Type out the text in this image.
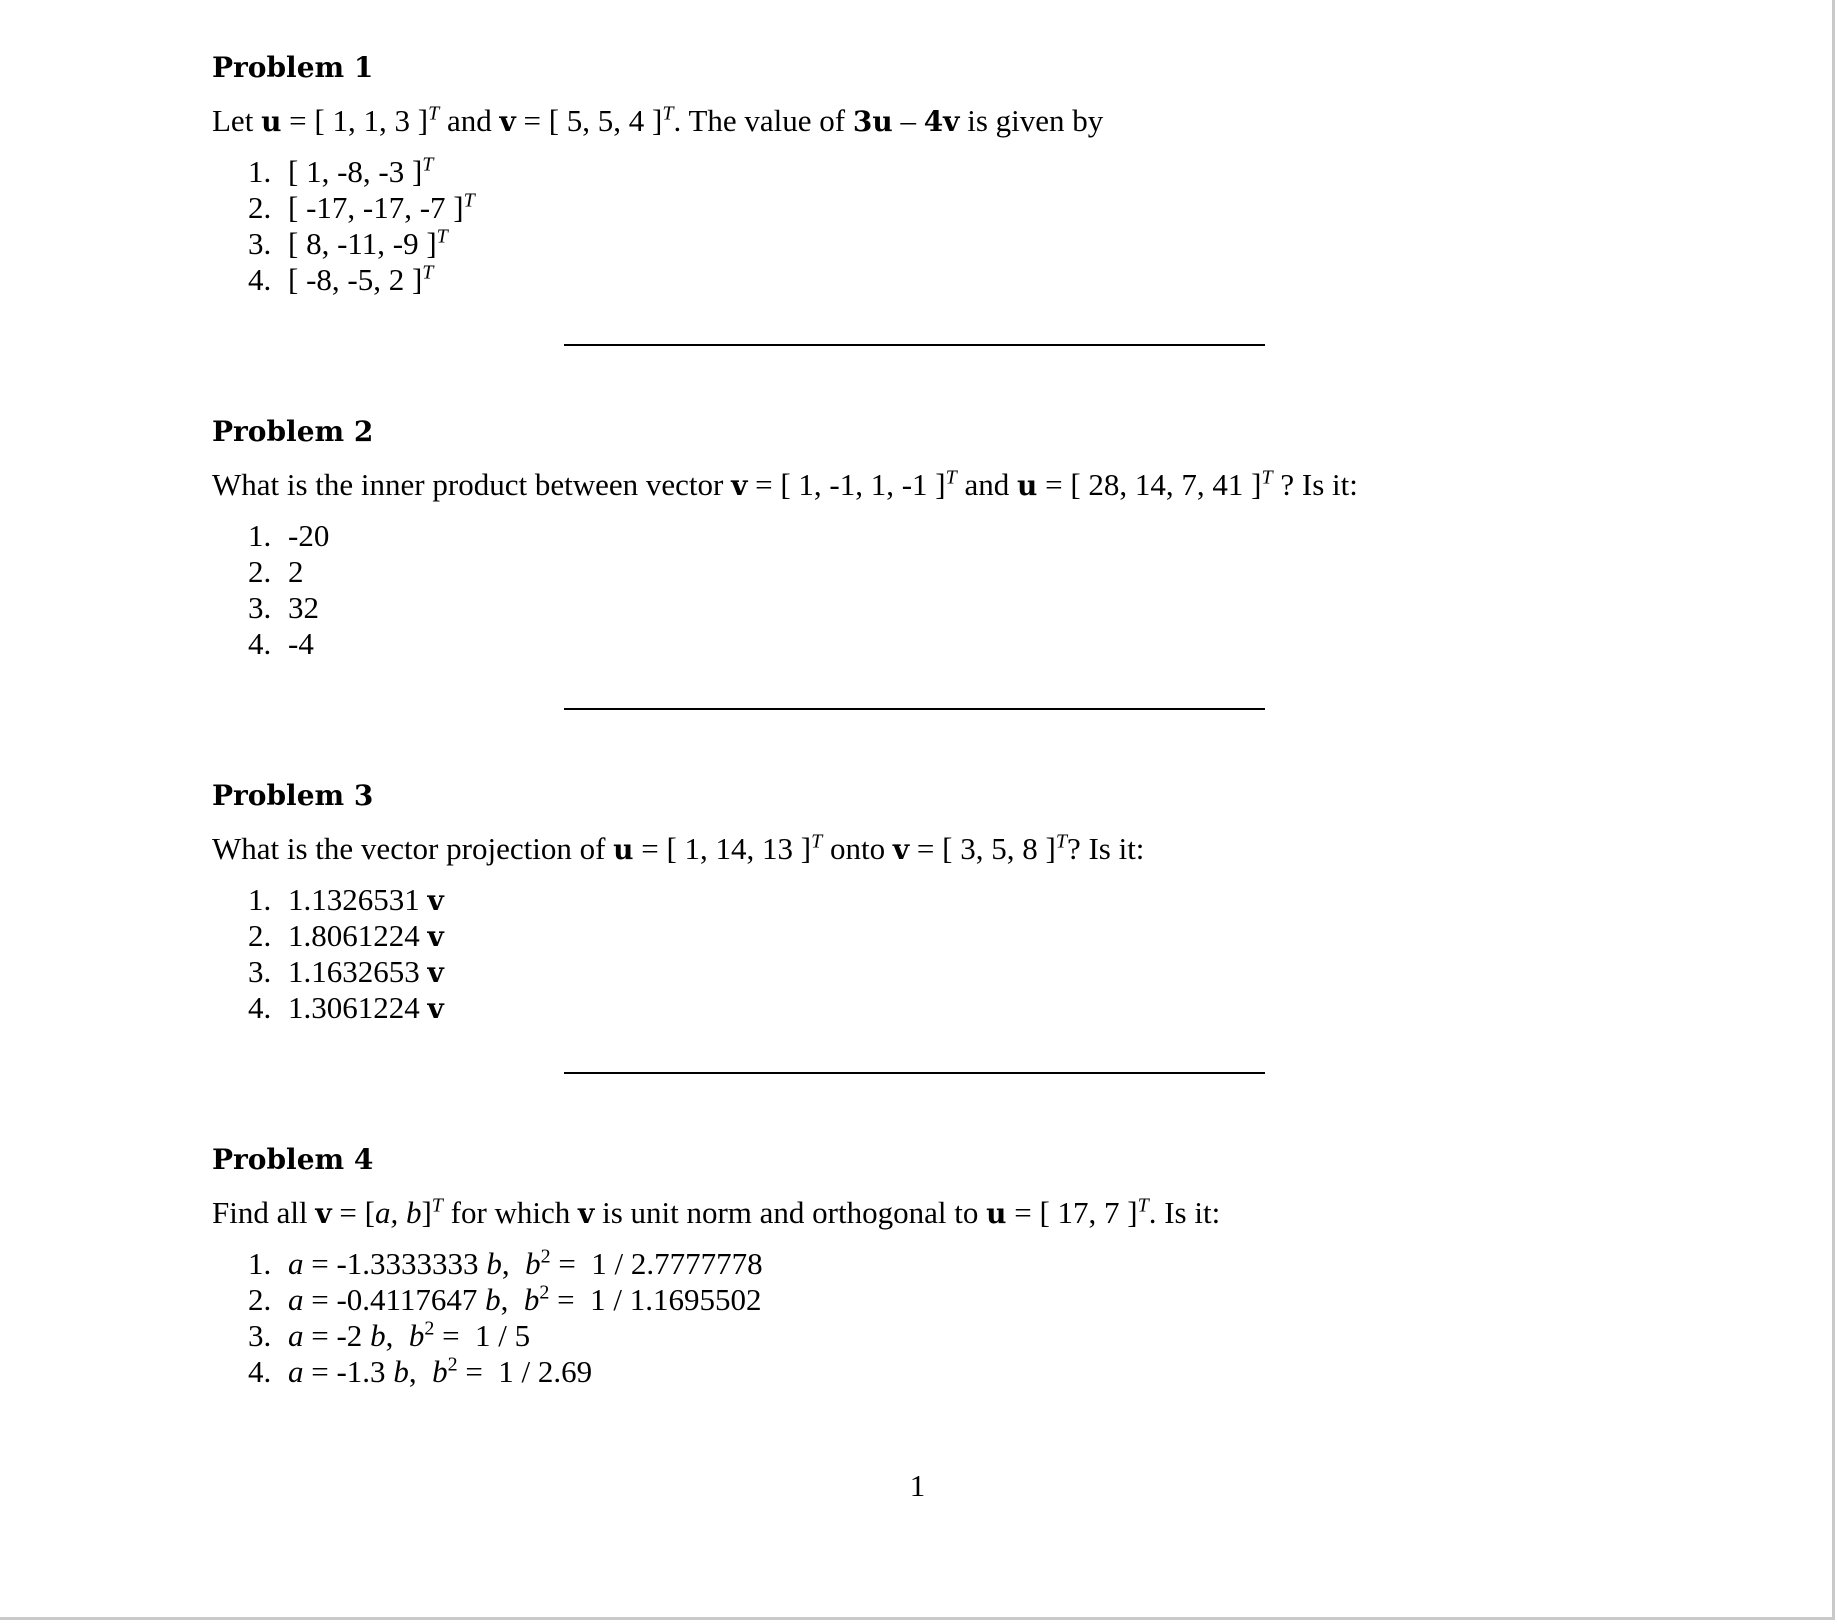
Problem 1
Let u = [ 1, 1, 3 ]$^T$ and v = [ 5, 5, 4 ]$^T$. The value of 3u – 4v is given by
1. [ 1, -8, -3 ]$^T$
2. [ -17, -17, -7 ]$^T$
3. [ 8, -11, -9 ]$^T$
4. [ -8, -5, 2 ]$^T$
Problem 2
What is the inner product between vector v = [ 1, -1, 1, -1 ]$^T$ and u = [ 28, 14, 7, 41 ]$^T$ ? Is it:
1. -20
2. 2
3. 32
4. -4
Problem 3
What is the vector projection of u = [ 1, 14, 13 ]$^T$ onto v = [ 3, 5, 8 ]$^T$? Is it:
1. 1.1326531 v
2. 1.8061224 v
3. 1.1632653 v
4. 1.3061224 v
Problem 4
Find all v = [a, b]$^T$ for which v is unit norm and orthogonal to u = [ 17, 7 ]$^T$. Is it:
1. a = -1.3333333 b,  $b^2 = 1 / 2.7777778$
2. a = -0.4117647 b,  $b^2 = 1 / 1.1695502$
3. a = -2 b,  $b^2 = 1 / 5$
4. a = -1.3 b,  $b^2 = 1 / 2.69$
1
